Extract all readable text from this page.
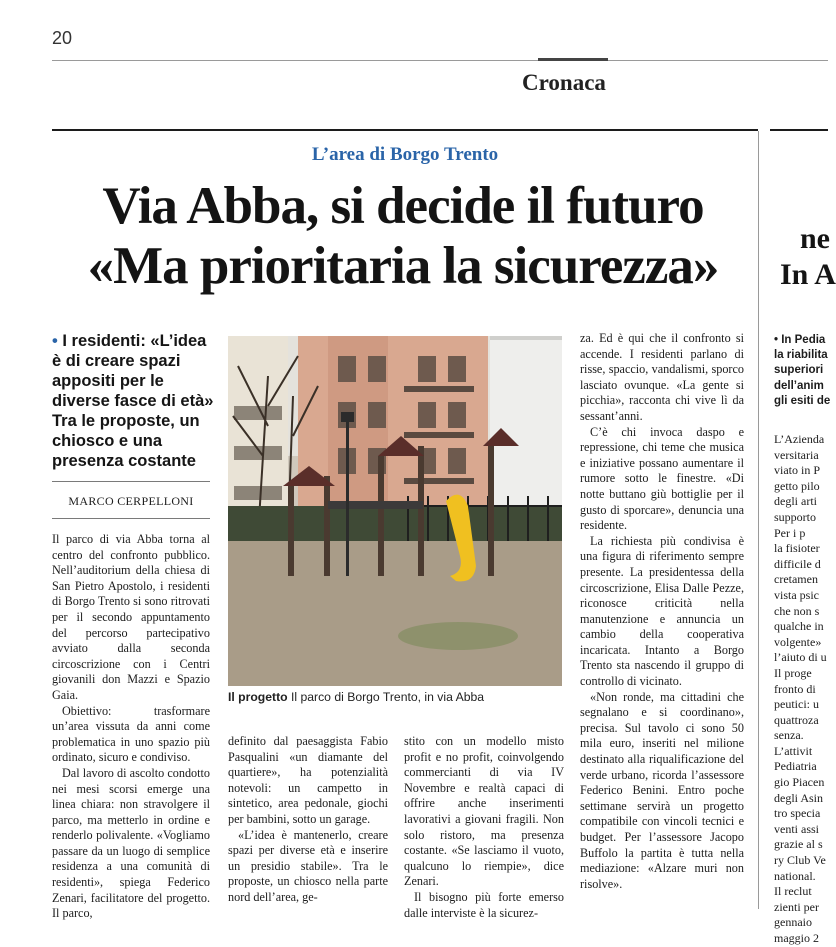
20
Cronaca
L’area di Borgo Trento
Via Abba, si decide il futuro
«Ma prioritaria la sicurezza»
• I residenti: «L’idea è di creare spazi appositi per le diverse fasce di età» Tra le proposte, un chiosco e una presenza costante
MARCO CERPELLONI

Il parco di via Abba torna al centro del confronto pubblico. Nell’auditorium della chiesa di San Pietro Apostolo, i residenti di Borgo Trento si sono ritrovati per il secondo appuntamento del percorso partecipativo avviato dalla seconda circoscrizione con i Centri giovanili don Mazzi e Spazio Gaia.

Obiettivo: trasformare un’area vissuta da anni come problematica in uno spazio più ordinato, sicuro e condiviso.

Dal lavoro di ascolto condotto nei mesi scorsi emerge una linea chiara: non stravolgere il parco, ma metterlo in ordine e renderlo polivalente. «Vogliamo passare da un luogo di semplice residenza a una comunità di residenti», spiega Federico Zenari, facilitatore del progetto. Il parco,

Il progetto Il parco di Borgo Trento, in via Abba

definito dal paesaggista Fabio Pasqualini «un diamante del quartiere», ha potenzialità notevoli: un campetto in sintetico, area pedonale, giochi per bambini, sotto un garage.

«L’idea è mantenerlo, creare spazi per diverse età e inserire un presidio stabile». Tra le proposte, un chiosco nella parte nord dell’area, ge-

stito con un modello misto profit e no profit, coinvolgendo commercianti di via IV Novembre e realtà capaci di offrire anche inserimenti lavorativi a giovani fragili. Non solo ristoro, ma presenza costante. «Se lasciamo il vuoto, qualcuno lo riempie», dice Zenari.

Il bisogno più forte emerso dalle interviste è la sicurez-

za. Ed è qui che il confronto si accende. I residenti parlano di risse, spaccio, vandalismi, sporco lasciato ovunque. «La gente si picchia», racconta chi vive lì da sessant’anni.

C’è chi invoca daspo e repressione, chi teme che musica e iniziative possano aumentare il rumore sotto le finestre. «Di notte buttano giù bottiglie per il gusto di sporcare», denuncia una residente.

La richiesta più condivisa è una figura di riferimento sempre presente. La presidentessa della circoscrizione, Elisa Dalle Pezze, riconosce criticità nella manutenzione e annuncia un cambio della cooperativa incaricata. Intanto a Borgo Trento sta nascendo il gruppo di controllo di vicinato.

«Non ronde, ma cittadini che segnalano e si coordinano», precisa. Sul tavolo ci sono 50 mila euro, inseriti nel milione destinato alla riqualificazione del verde urbano, ricorda l’assessore Federico Benini. Entro poche settimane servirà un progetto compatibile con vincoli tecnici e budget. Per l’assessore Jacopo Buffolo la partita è tutta nella mediazione: «Alzare muri non risolve».

ne
In A
• In Pedia
la riabilita
superiori
dell’anim
gli esiti de
L’Azienda
versitaria
viato in P
getto pilo
degli arti
supporto
Per i p
la fisioter
difficile d
cretamen
vista psic
che non s
qualche in
volgente»
l’aiuto di u
Il proge
fronto di
peutici: u
quattroza
senza.
L’attivit
Pediatria
gio Piacen
degli Asin
tro specia
venti assi
grazie al s
ry Club Ve
national.
Il reclut
zienti per
gennaio
maggio 2
